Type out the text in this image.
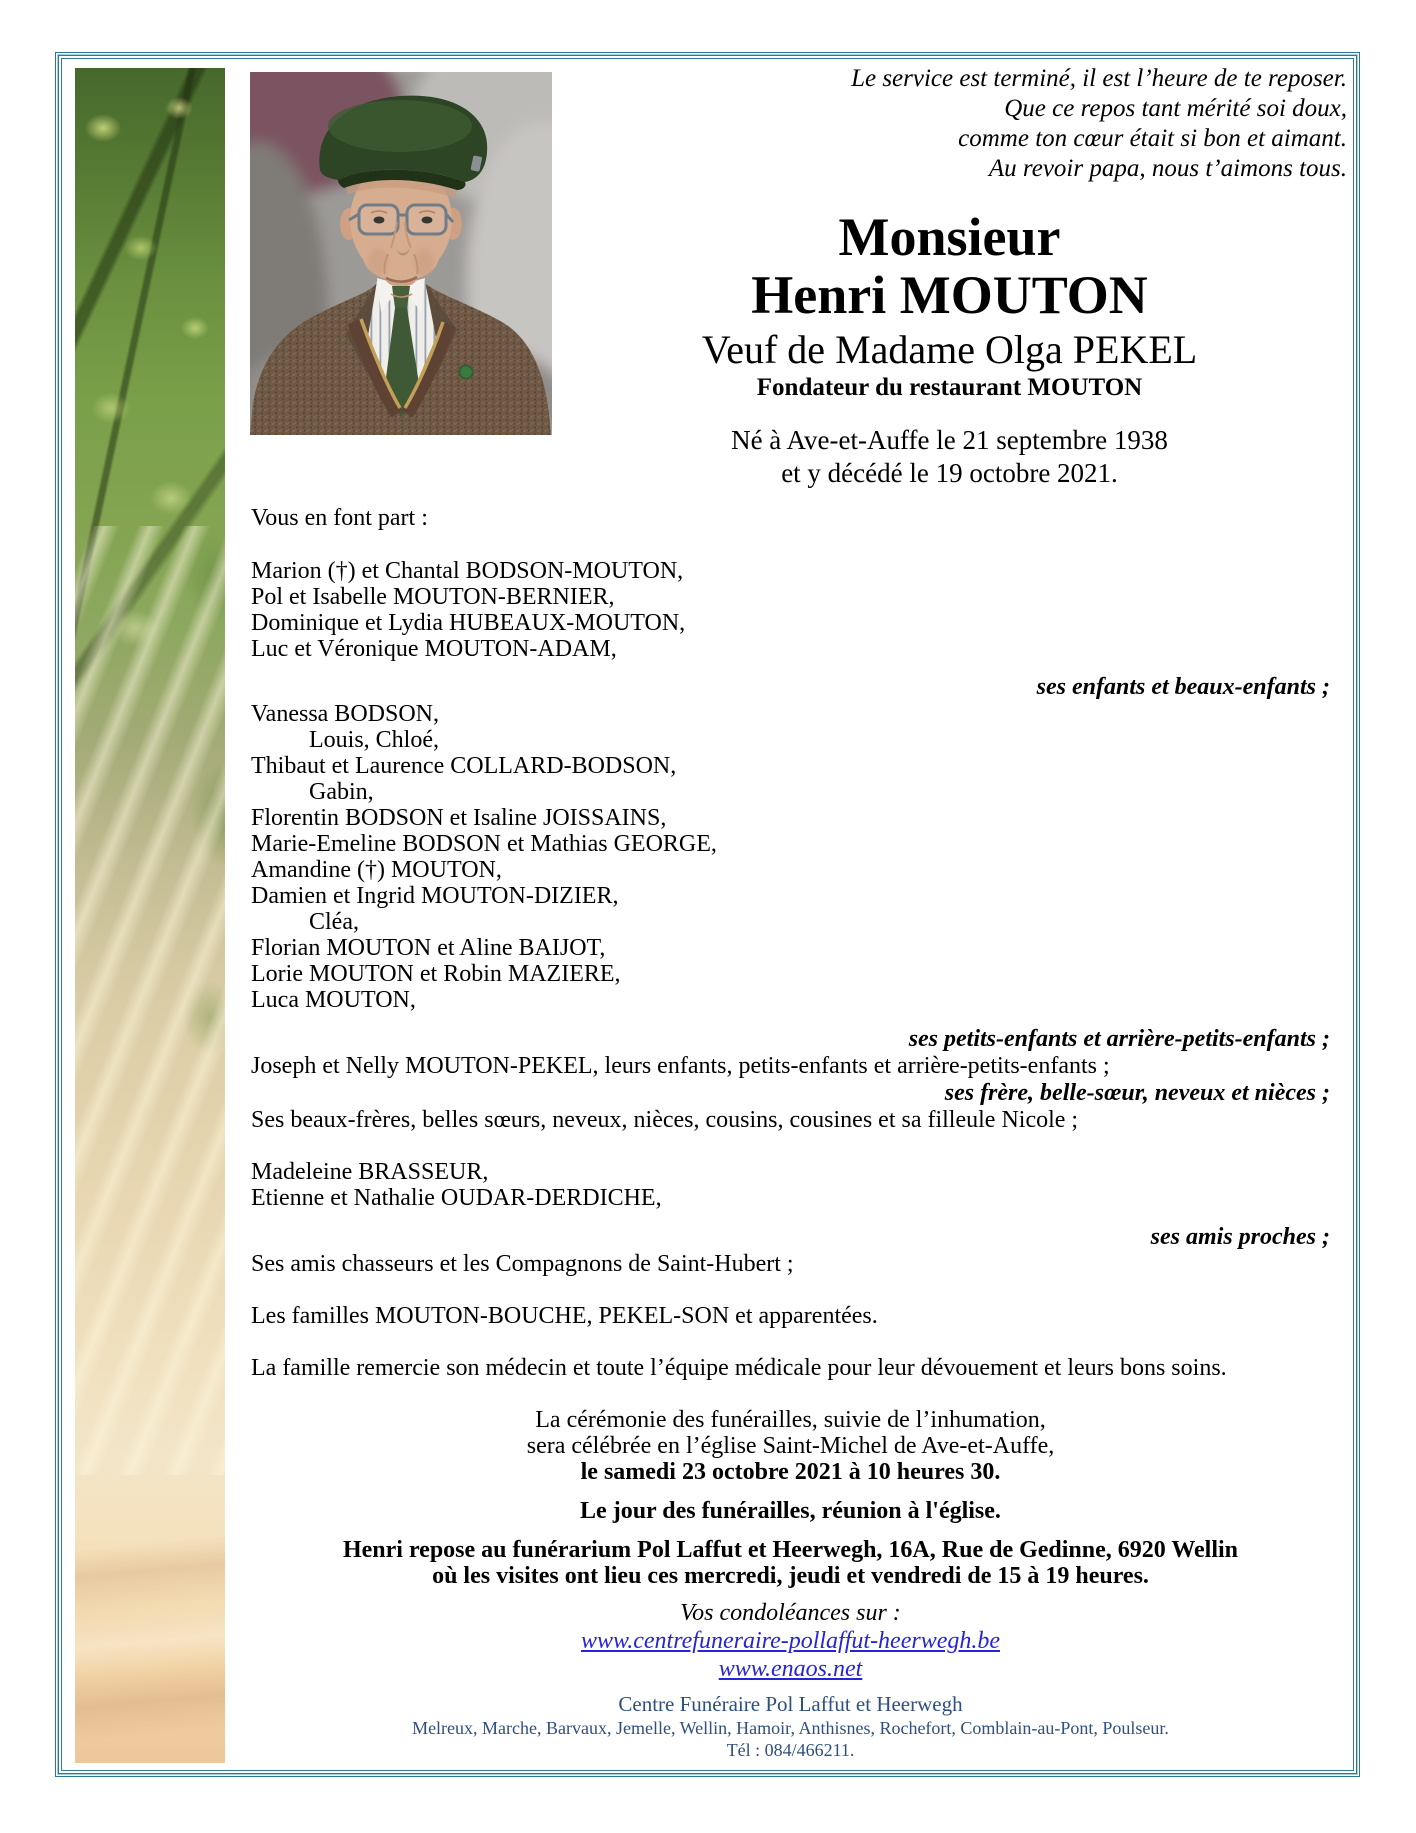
Le service est terminé, il est l’heure de te reposer.
Que ce repos tant mérité soi doux,
comme ton cœur était si bon et aimant.
Au revoir papa, nous t’aimons tous.
Monsieur
Henri MOUTON
Veuf de Madame Olga PEKEL
Fondateur du restaurant MOUTON
Né à Ave-et-Auffe le 21 septembre 1938
et y décédé le 19 octobre 2021.
Vous en font part :
Marion (†) et Chantal BODSON-MOUTON,
Pol et Isabelle MOUTON-BERNIER,
Dominique et Lydia HUBEAUX-MOUTON,
Luc et Véronique MOUTON-ADAM,
ses enfants et beaux-enfants ;
Vanessa BODSON,
Louis, Chloé,
Thibaut et Laurence COLLARD-BODSON,
Gabin,
Florentin BODSON et Isaline JOISSAINS,
Marie-Emeline BODSON et Mathias GEORGE,
Amandine (†) MOUTON,
Damien et Ingrid MOUTON-DIZIER,
Cléa,
Florian MOUTON et Aline BAIJOT,
Lorie MOUTON et Robin MAZIERE,
Luca MOUTON,
ses petits-enfants et arrière-petits-enfants ;
Joseph et Nelly MOUTON-PEKEL, leurs enfants, petits-enfants et arrière-petits-enfants ;
ses frère, belle-sœur, neveux et nièces ;
Ses beaux-frères, belles sœurs, neveux, nièces, cousins, cousines et sa filleule Nicole ;
Madeleine BRASSEUR,
Etienne et Nathalie OUDAR-DERDICHE,
ses amis proches ;
Ses amis chasseurs et les Compagnons de Saint-Hubert ;
Les familles MOUTON-BOUCHE, PEKEL-SON et apparentées.
La famille remercie son médecin et toute l’équipe médicale pour leur dévouement et leurs bons soins.
La cérémonie des funérailles, suivie de l’inhumation,
sera célébrée en l’église Saint-Michel de Ave-et-Auffe,
le samedi 23 octobre 2021 à 10 heures 30.
Le jour des funérailles, réunion à l'église.
Henri repose au funérarium Pol Laffut et Heerwegh, 16A, Rue de Gedinne, 6920 Wellin
où les visites ont lieu ces mercredi, jeudi et vendredi de 15 à 19 heures.
Vos condoléances sur :
www.centrefuneraire-pollaffut-heerwegh.be
www.enaos.net
Centre Funéraire Pol Laffut et Heerwegh
Melreux, Marche, Barvaux, Jemelle, Wellin, Hamoir, Anthisnes, Rochefort, Comblain-au-Pont, Poulseur.
Tél : 084/466211.
